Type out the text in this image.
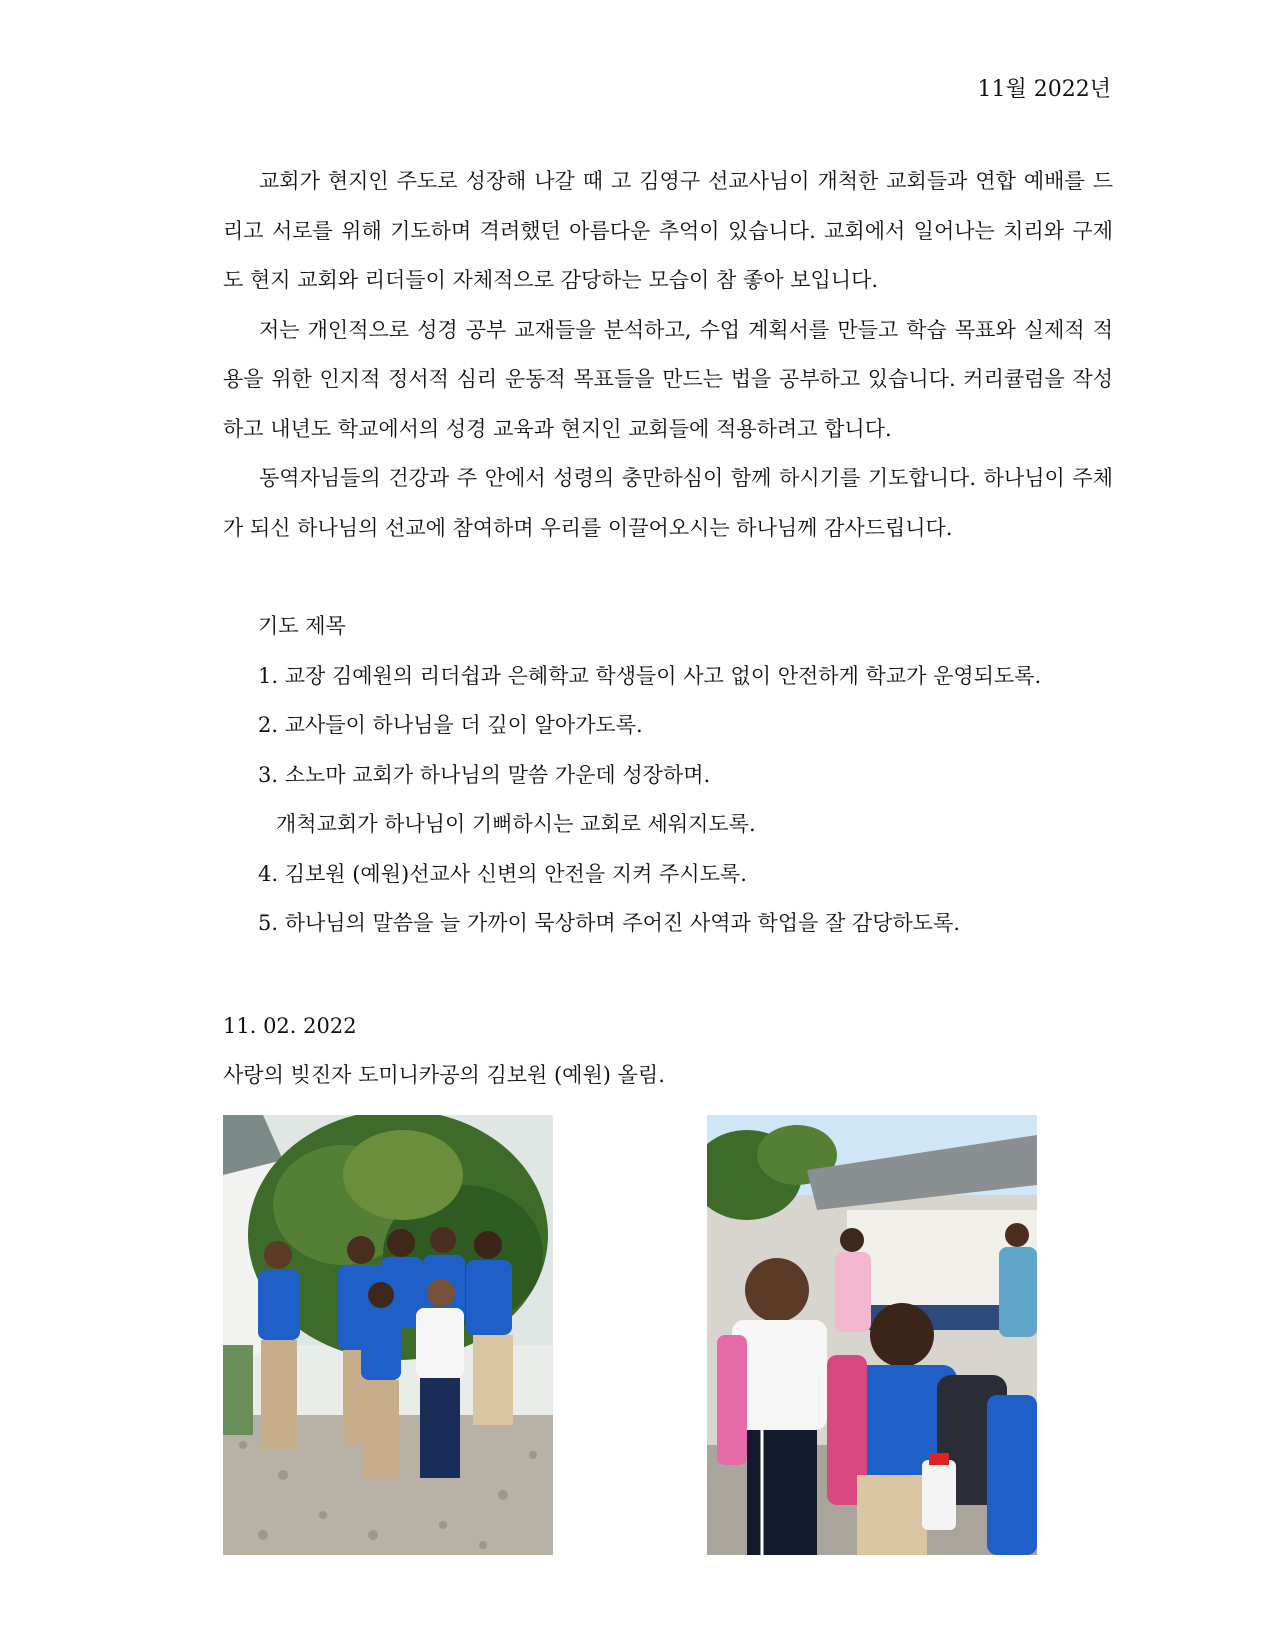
11월 2022년

교회가 현지인 주도로 성장해 나갈 때 고 김영구 선교사님이 개척한 교회들과 연합 예배를 드리고 서로를 위해 기도하며 격려했던 아름다운 추억이 있습니다. 교회에서 일어나는 치리와 구제도 현지 교회와 리더들이 자체적으로 감당하는 모습이 참 좋아 보입니다.

저는 개인적으로 성경 공부 교재들을 분석하고, 수업 계획서를 만들고 학습 목표와 실제적 적용을 위한 인지적 정서적 심리 운동적 목표들을 만드는 법을 공부하고 있습니다. 커리큘럼을 작성하고 내년도 학교에서의 성경 교육과 현지인 교회들에 적용하려고 합니다.

동역자님들의 건강과 주 안에서 성령의 충만하심이 함께 하시기를 기도합니다. 하나님이 주체가 되신 하나님의 선교에 참여하며 우리를 이끌어오시는 하나님께 감사드립니다.

기도 제목
1. 교장 김예원의 리더쉽과 은혜학교 학생들이 사고 없이 안전하게 학교가 운영되도록.
2. 교사들이 하나님을 더 깊이 알아가도록.
3. 소노마 교회가 하나님의 말씀 가운데 성장하며.
개척교회가 하나님이 기뻐하시는 교회로 세워지도록.
4. 김보원 (예원)선교사 신변의 안전을 지켜 주시도록.
5. 하나님의 말씀을 늘 가까이 묵상하며 주어진 사역과 학업을 잘 감당하도록.
11. 02. 2022
사랑의 빚진자 도미니카공의 김보원 (예원) 올림.
